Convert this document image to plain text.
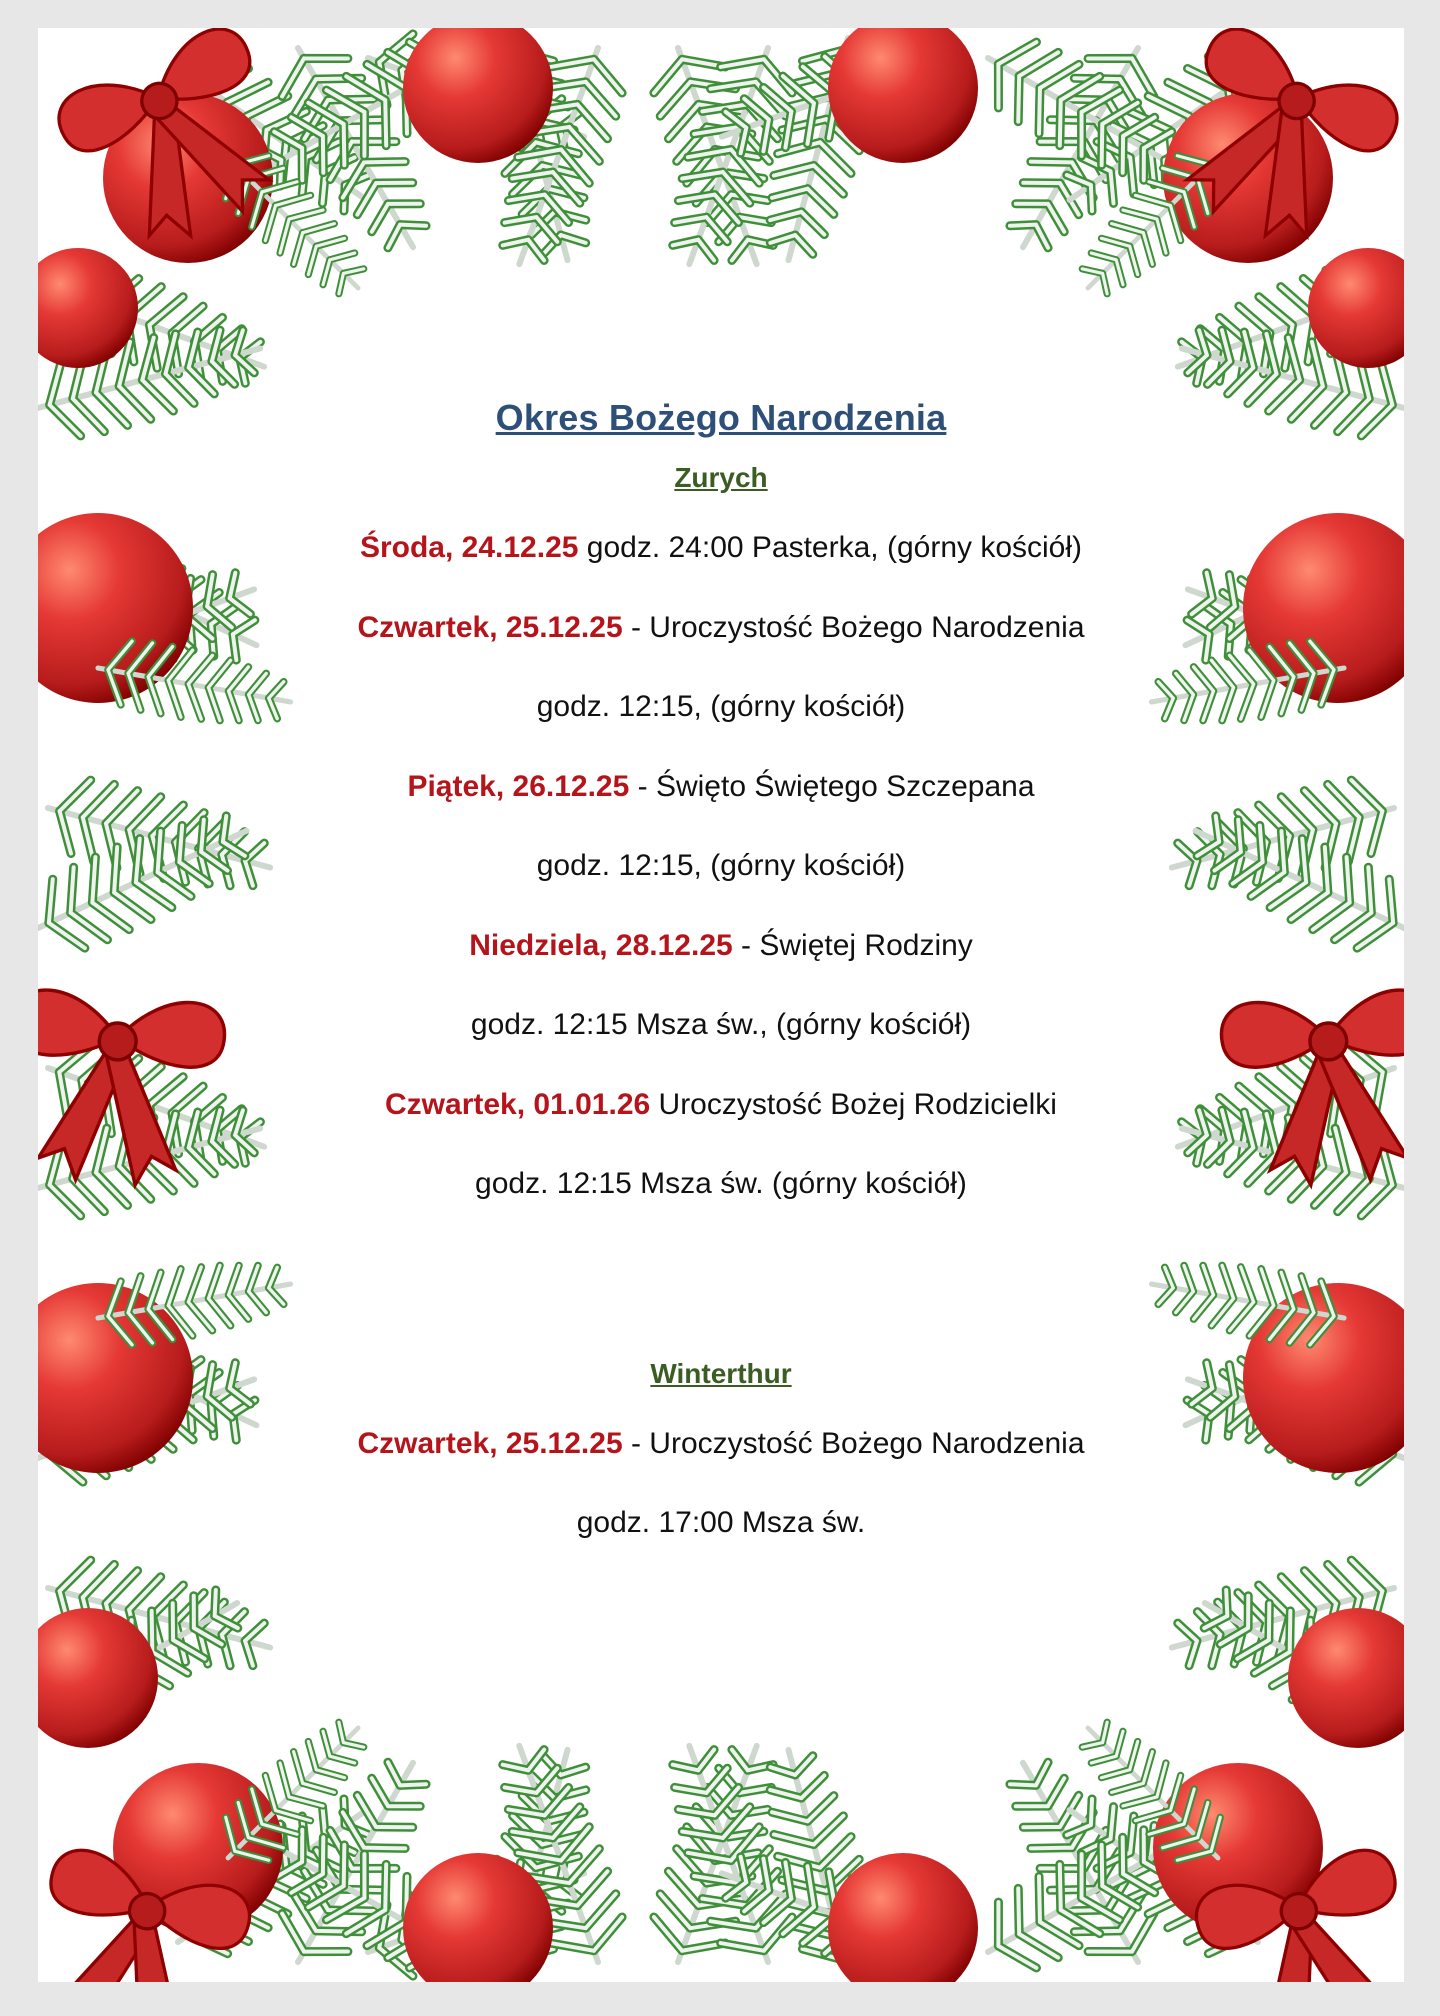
Okres Bożego Narodzenia
Zurych
Środa, 24.12.25 godz. 24:00 Pasterka, (górny kościół)
Czwartek, 25.12.25 - Uroczystość Bożego Narodzenia
godz. 12:15, (górny kościół)
Piątek, 26.12.25 - Święto Świętego Szczepana
godz. 12:15, (górny kościół)
Niedziela, 28.12.25 - Świętej Rodziny
godz. 12:15 Msza św., (górny kościół)
Czwartek, 01.01.26 Uroczystość Bożej Rodzicielki
godz. 12:15 Msza św. (górny kościół)
Winterthur
Czwartek, 25.12.25 - Uroczystość Bożego Narodzenia
godz. 17:00 Msza św.
